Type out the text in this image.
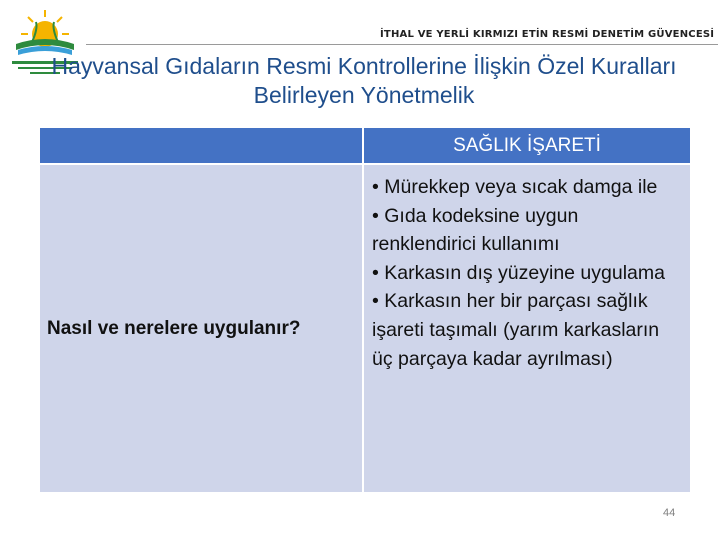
İTHAL VE YERLİ KIRMIZI ETİN RESMİ DENETİM GÜVENCESİ
Hayvansal Gıdaların Resmi Kontrollerine İlişkin Özel Kuralları Belirleyen Yönetmelik
SAĞLIK İŞARETİ
Nasıl ve nerelere uygulanır?
• Mürekkep veya sıcak damga ile
• Gıda kodeksine uygun renklendirici kullanımı
• Karkasın dış yüzeyine uygulama
• Karkasın her bir parçası sağlık işareti taşımalı (yarım karkasların üç parçaya kadar ayrılması)
44
